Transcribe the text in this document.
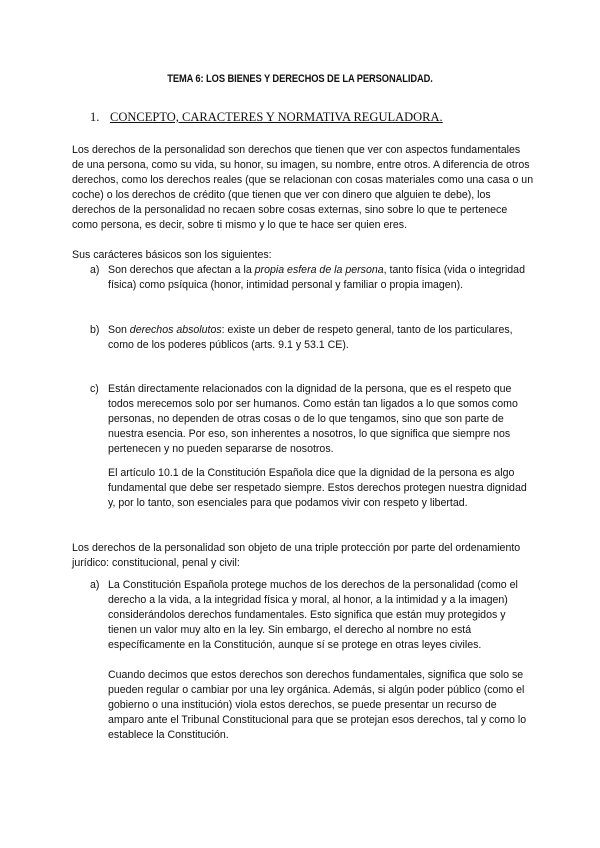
TEMA 6: LOS BIENES Y DERECHOS DE LA PERSONALIDAD.
1. CONCEPTO, CARACTERES Y NORMATIVA REGULADORA.

Los derechos de la personalidad son derechos que tienen que ver con aspectos fundamentales de una persona, como su vida, su honor, su imagen, su nombre, entre otros. A diferencia de otros derechos, como los derechos reales (que se relacionan con cosas materiales como una casa o un coche) o los derechos de crédito (que tienen que ver con dinero que alguien te debe), los derechos de la personalidad no recaen sobre cosas externas, sino sobre lo que te pertenece como persona, es decir, sobre ti mismo y lo que te hace ser quien eres.

Sus carácteres básicos son los siguientes:

a) Son derechos que afectan a la propia esfera de la persona, tanto física (vida o integridad física) como psíquica (honor, intimidad personal y familiar o propia imagen).

b) Son derechos absolutos: existe un deber de respeto general, tanto de los particulares, como de los poderes públicos (arts. 9.1 y 53.1 CE).

c) Están directamente relacionados con la dignidad de la persona, que es el respeto que todos merecemos solo por ser humanos. Como están tan ligados a lo que somos como personas, no dependen de otras cosas o de lo que tengamos, sino que son parte de nuestra esencia. Por eso, son inherentes a nosotros, lo que significa que siempre nos pertenecen y no pueden separarse de nosotros.

El artículo 10.1 de la Constitución Española dice que la dignidad de la persona es algo fundamental que debe ser respetado siempre. Estos derechos protegen nuestra dignidad y, por lo tanto, son esenciales para que podamos vivir con respeto y libertad.

Los derechos de la personalidad son objeto de una triple protección por parte del ordenamiento jurídico: constitucional, penal y civil:

a) La Constitución Española protege muchos de los derechos de la personalidad (como el derecho a la vida, a la integridad física y moral, al honor, a la intimidad y a la imagen) considerándolos derechos fundamentales. Esto significa que están muy protegidos y tienen un valor muy alto en la ley. Sin embargo, el derecho al nombre no está específicamente en la Constitución, aunque sí se protege en otras leyes civiles.

Cuando decimos que estos derechos son derechos fundamentales, significa que solo se pueden regular o cambiar por una ley orgánica. Además, si algún poder público (como el gobierno o una institución) viola estos derechos, se puede presentar un recurso de amparo ante el Tribunal Constitucional para que se protejan esos derechos, tal y como lo establece la Constitución.
